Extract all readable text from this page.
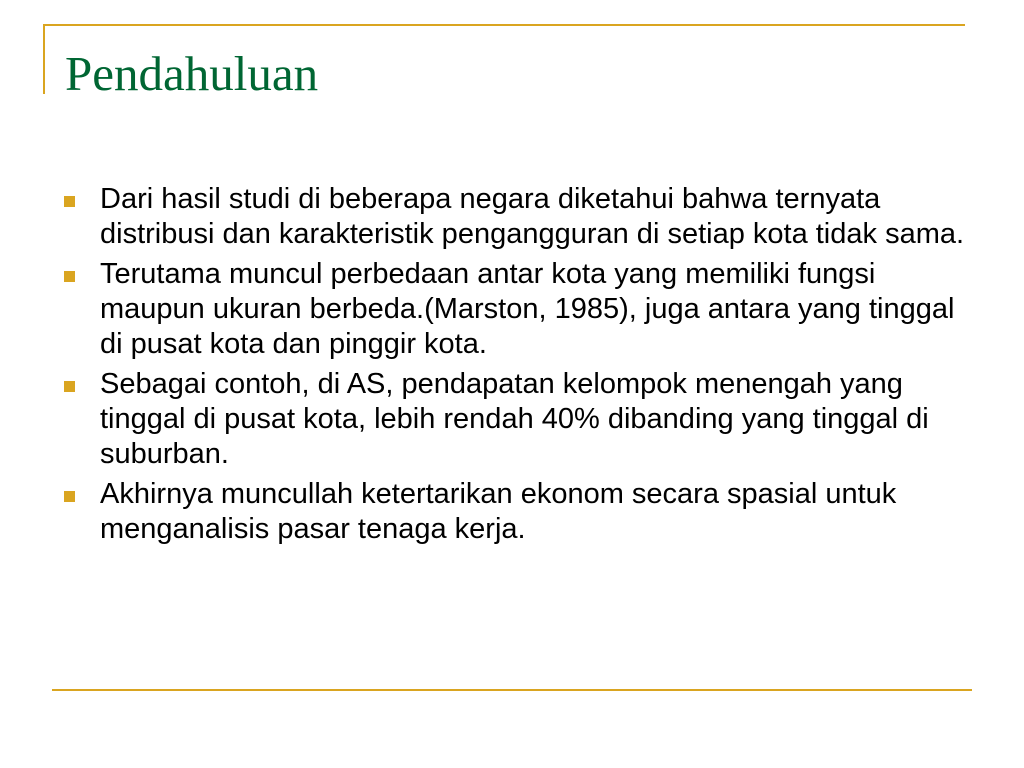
Pendahuluan
Dari hasil studi di beberapa negara diketahui bahwa ternyata distribusi dan karakteristik pengangguran di setiap kota tidak sama.
Terutama muncul perbedaan antar kota yang memiliki fungsi maupun ukuran berbeda.(Marston, 1985), juga antara yang tinggal di pusat kota dan pinggir kota.
Sebagai contoh, di AS, pendapatan kelompok menengah yang tinggal di pusat kota, lebih rendah 40% dibanding yang tinggal di suburban.
Akhirnya muncullah ketertarikan ekonom secara spasial untuk menganalisis pasar tenaga kerja.
